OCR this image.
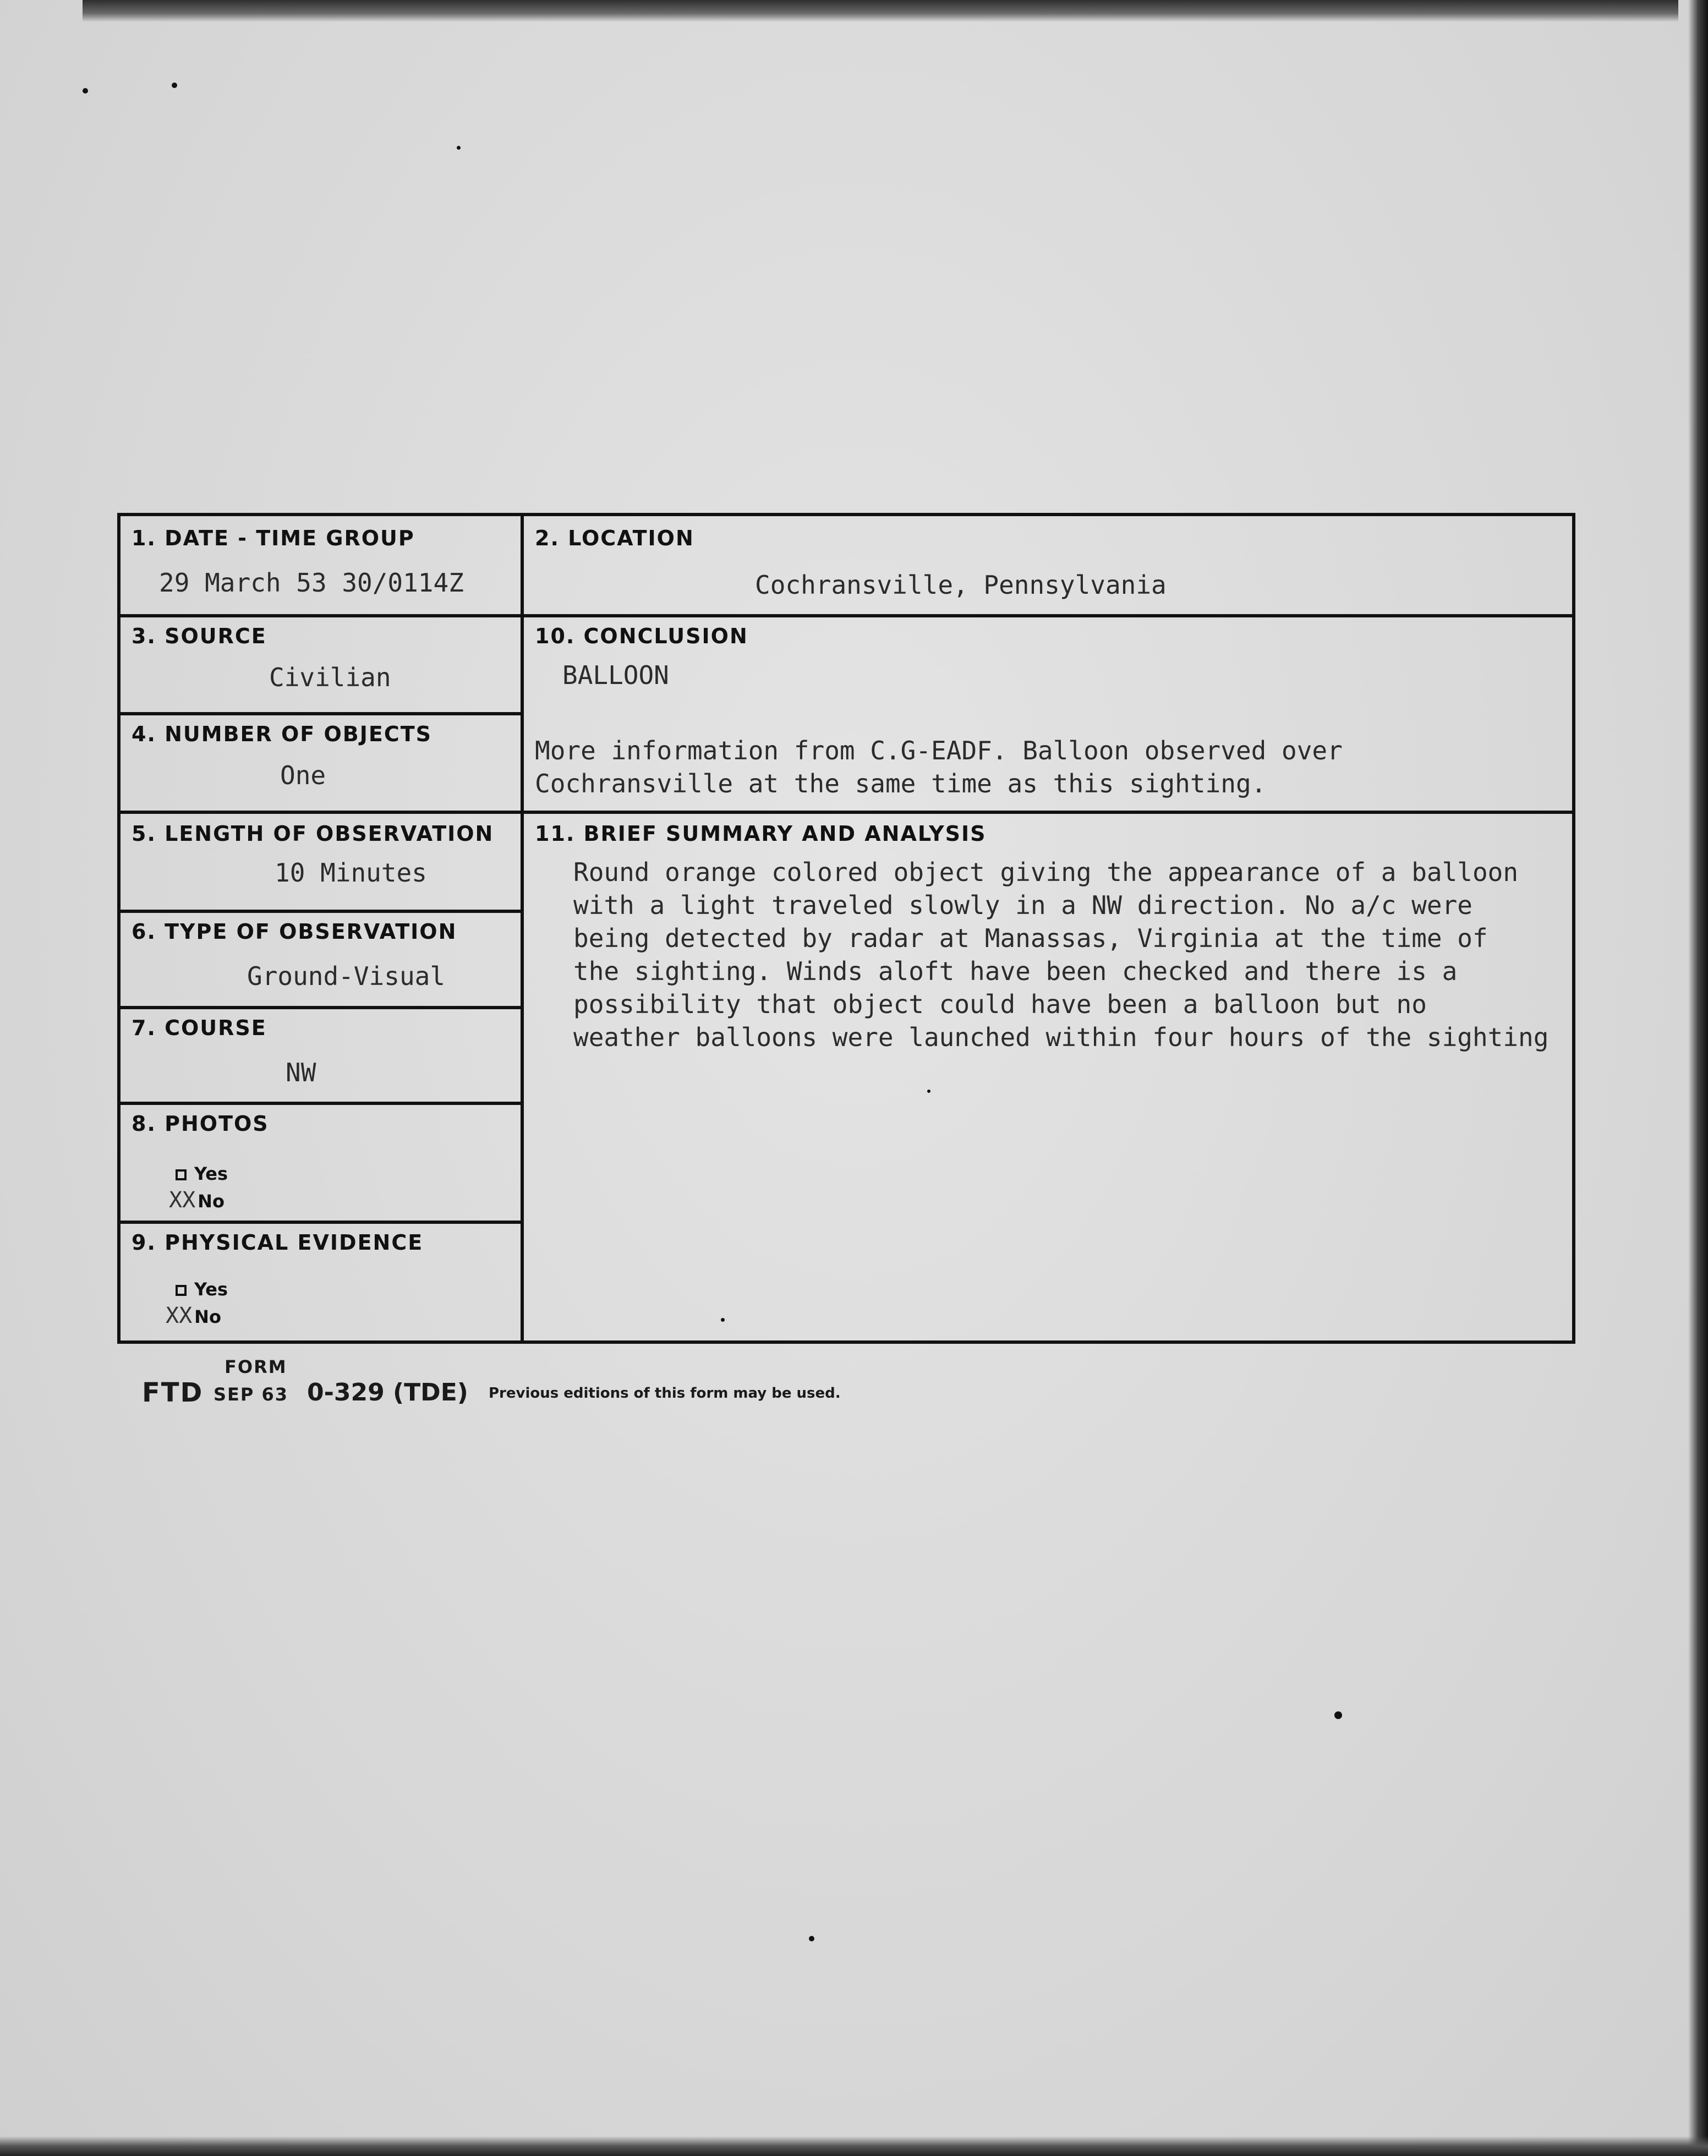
1. DATE - TIME GROUP
29 March 53 30/0114Z
2. LOCATION
Cochransville, Pennsylvania
3. SOURCE
Civilian
4. NUMBER OF OBJECTS
One
10. CONCLUSION
BALLOON
More information from C.G-EADF. Balloon observed over
Cochransville at the same time as this sighting.
5. LENGTH OF OBSERVATION
10 Minutes
11. BRIEF SUMMARY AND ANALYSIS
Round orange colored object giving the appearance of a balloon
with a light traveled slowly in a NW direction. No a/c were
being detected by radar at Manassas, Virginia at the time of
the sighting. Winds aloft have been checked and there is a
possibility that object could have been a balloon but no
weather balloons were launched within four hours of the sighting
6. TYPE OF OBSERVATION
Ground-Visual
7. COURSE
NW
8. PHOTOS
Yes
XX No
9. PHYSICAL EVIDENCE
Yes
XX No
FORM
FTD SEP 63 0-329 (TDE) Previous editions of this form may be used.
